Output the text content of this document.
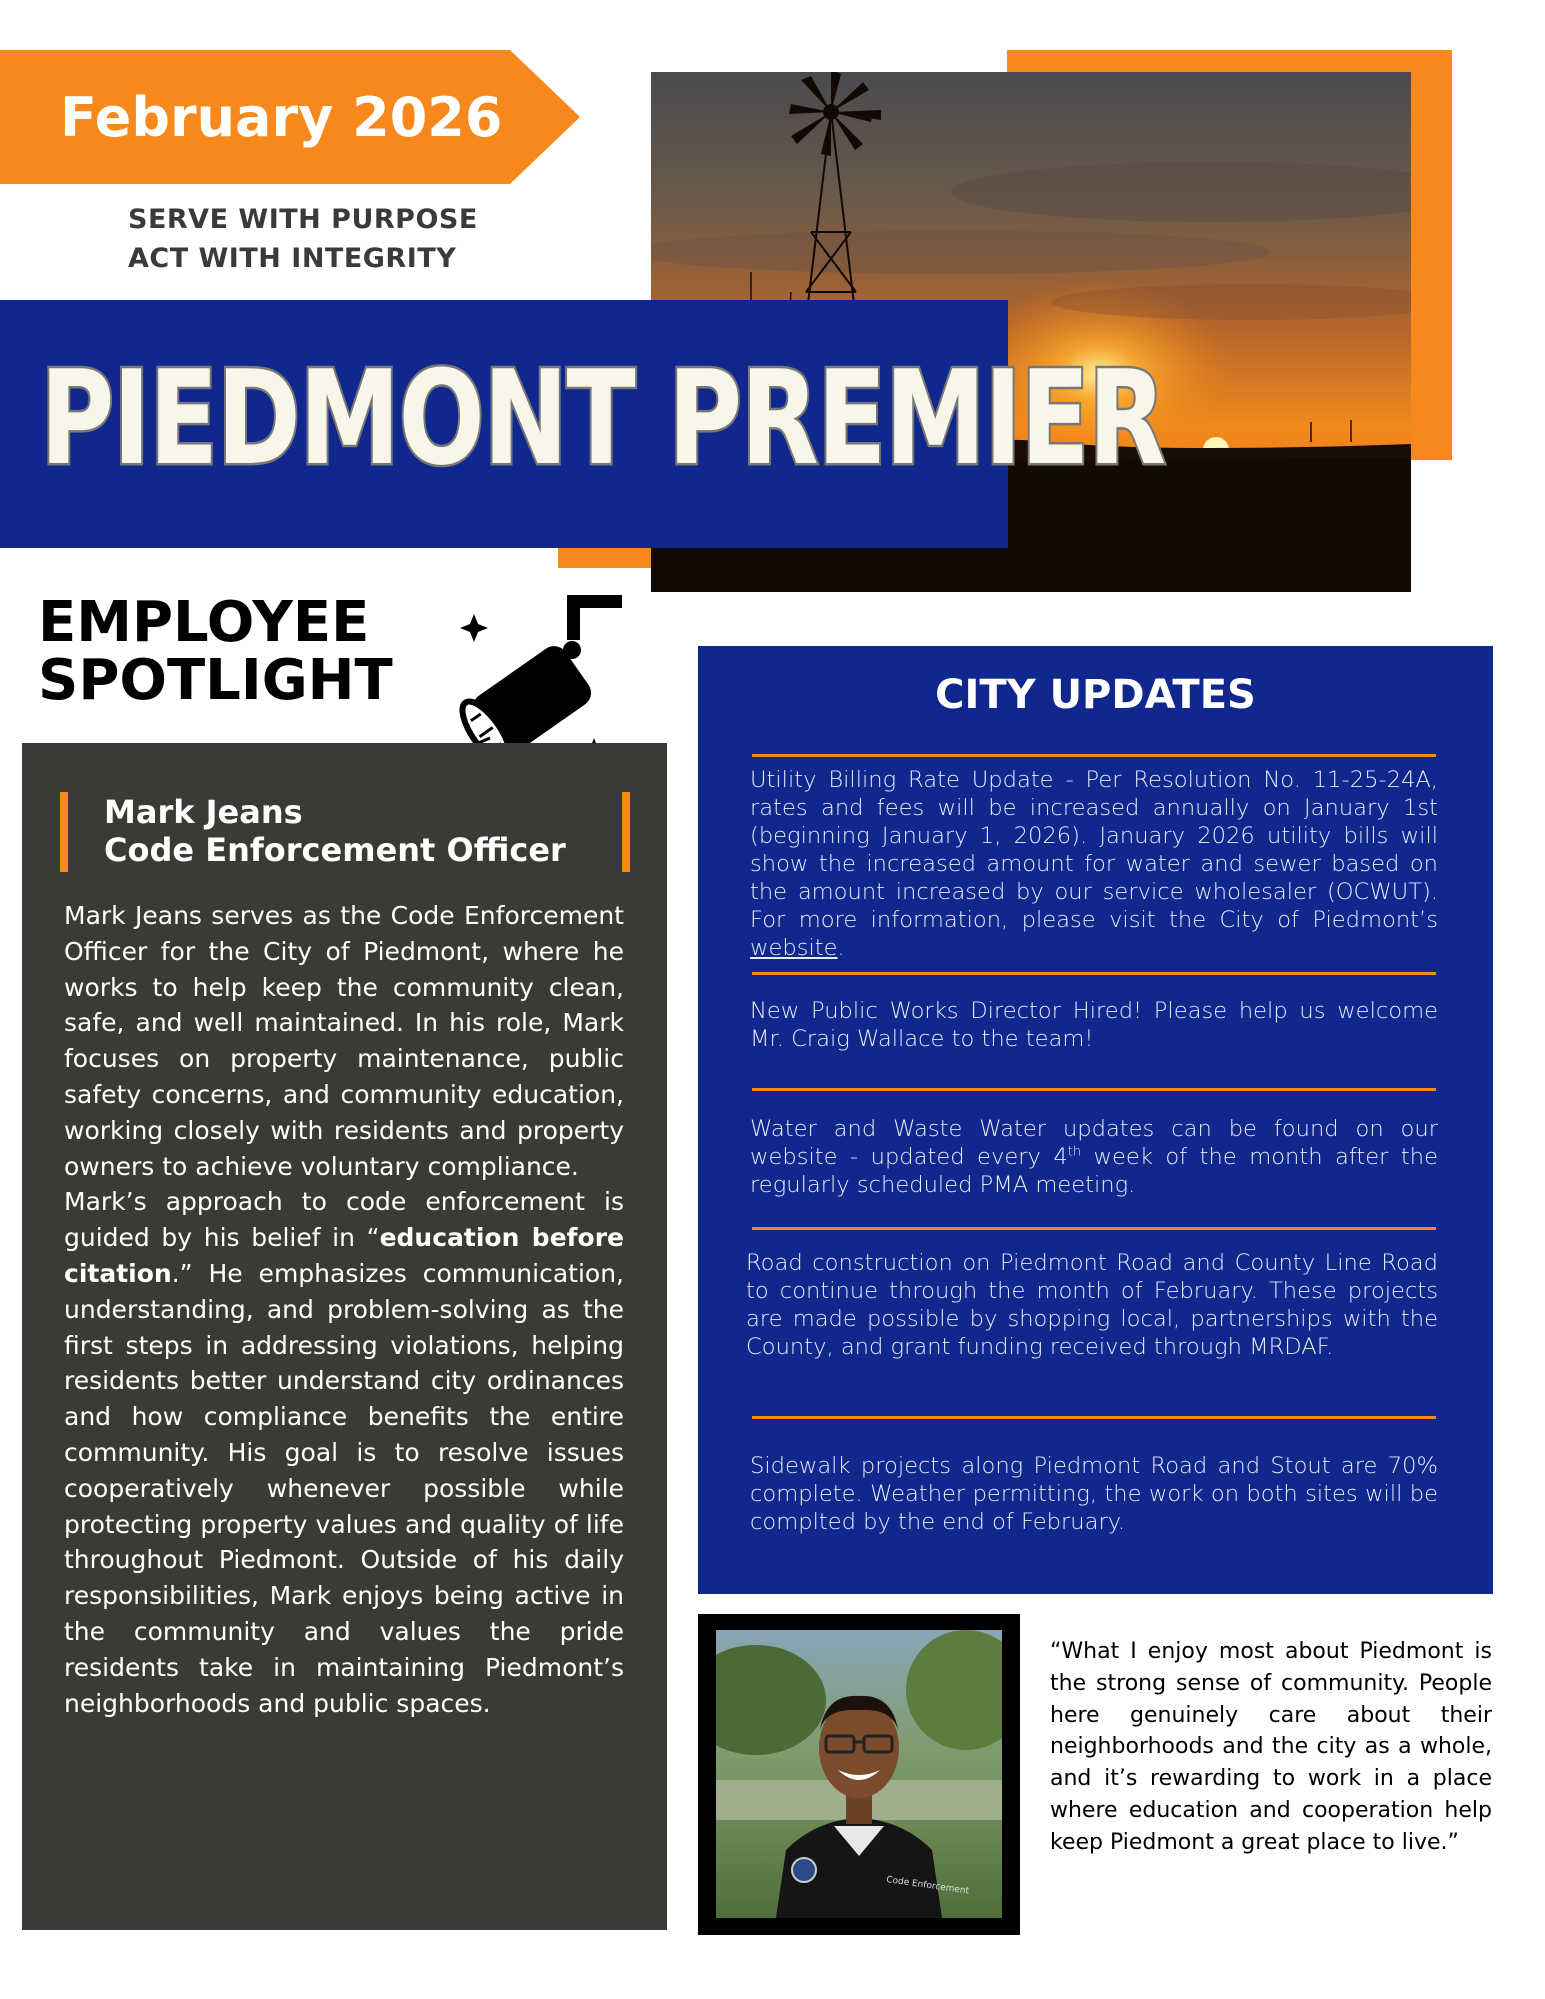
February 2026
SERVE WITH PURPOSE
ACT WITH INTEGRITY
PIEDMONT PREMIER
EMPLOYEE
SPOTLIGHT
Mark Jeans
Code Enforcement Officer

Mark Jeans serves as the Code Enforcement Officer for the City of Piedmont, where he works to help keep the community clean, safe, and well maintained. In his role, Mark focuses on property maintenance, public safety concerns, and community education, working closely with residents and property owners to achieve voluntary compliance.

Mark’s approach to code enforcement is guided by his belief in “education before citation.” He emphasizes communication, understanding, and problem-solving as the first steps in addressing violations, helping residents better understand city ordinances and how compliance benefits the entire community. His goal is to resolve issues cooperatively whenever possible while protecting property values and quality of life throughout Piedmont. Outside of his daily responsibilities, Mark enjoys being active in the community and values the pride residents take in maintaining Piedmont’s neighborhoods and public spaces.

CITY UPDATES
Utility Billing Rate Update - Per Resolution No. 11-25-24A, rates and fees will be increased annually on January 1st (beginning January 1, 2026). January 2026 utility bills will show the increased amount for water and sewer based on the amount increased by our service wholesaler (OCWUT). For more information, please visit the City of Piedmont’s website.
New Public Works Director Hired! Please help us welcome Mr. Craig Wallace to the team!
Water and Waste Water updates can be found on our website - updated every 4th week of the month after the regularly scheduled PMA meeting.
Road construction on Piedmont Road and County Line Road to continue through the month of February. These projects are made possible by shopping local, partnerships with the County, and grant funding received through MRDAF.
Sidewalk projects along Piedmont Road and Stout are 70% complete. Weather permitting, the work on both sites will be complted by the end of February.
Code Enforcement
“What I enjoy most about Piedmont is the strong sense of community. People here genuinely care about their neighborhoods and the city as a whole, and it’s rewarding to work in a place where education and cooperation help keep Piedmont a great place to live.”
